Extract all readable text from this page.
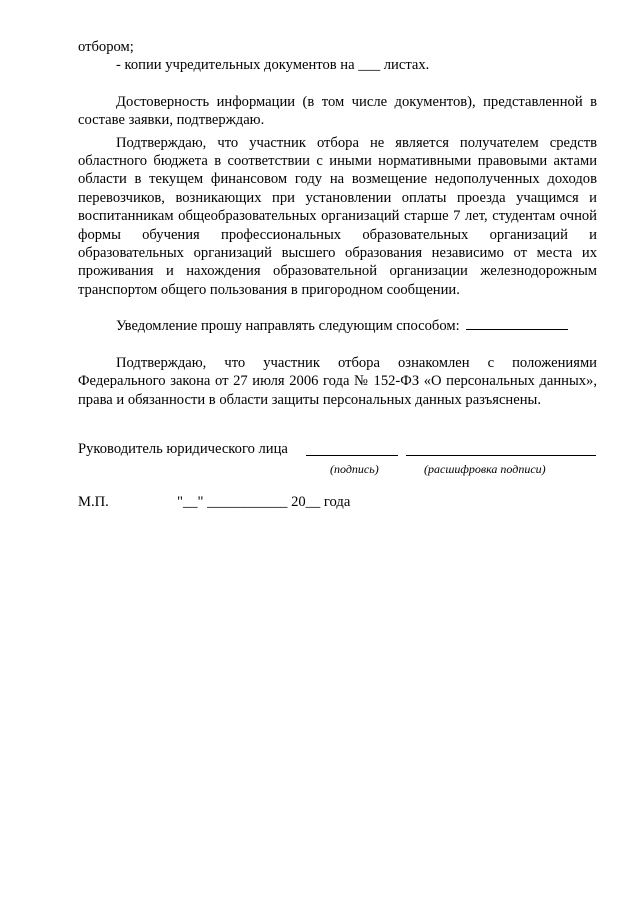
отбором;

- копии учредительных документов на ___ листах.

Достоверность информации (в том числе документов), представленной в составе заявки, подтверждаю.

Подтверждаю, что участник отбора не является получателем средств областного бюджета в соответствии с иными нормативными правовыми актами области в текущем финансовом году на возмещение недополученных доходов перевозчиков, возникающих при установлении оплаты проезда учащимся и воспитанникам общеобразовательных организаций старше 7 лет, студентам очной формы обучения профессиональных образовательных организаций и образовательных организаций высшего образования независимо от места их проживания и нахождения образовательной организации железнодорожным транспортом общего пользования в пригородном сообщении.

Уведомление прошу направлять следующим способом:

Подтверждаю, что участник отбора ознакомлен с положениями Федерального закона от 27 июля 2006 года № 152-ФЗ «О персональных данных», права и обязанности в области защиты персональных данных разъяснены.

Руководитель юридического лица
(подпись)	(расшифровка подписи)
М.П.	"__" ___________ 20__ года
